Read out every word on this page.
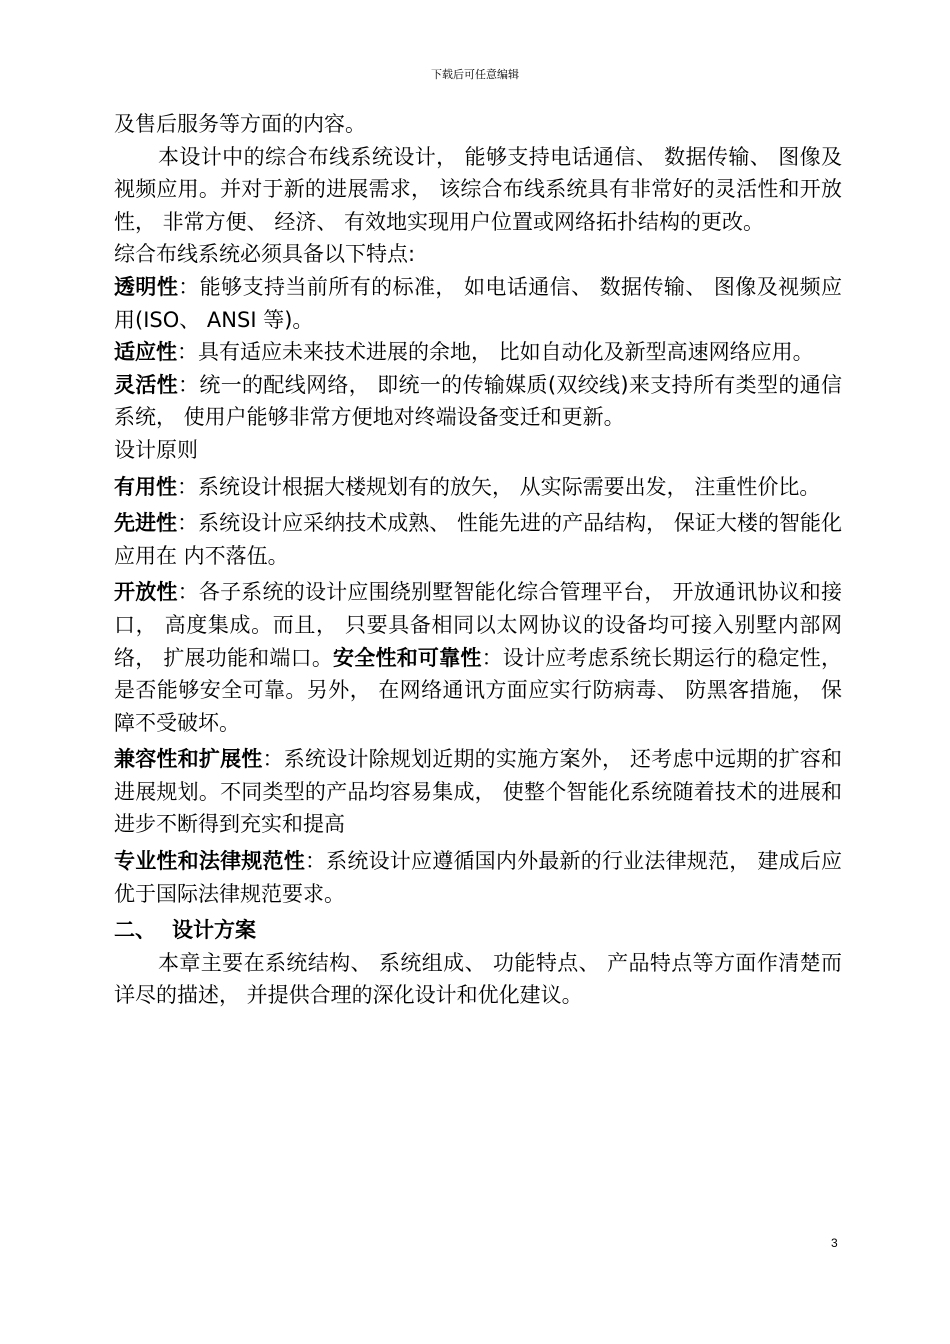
下载后可任意编辑

及售后服务等方面的内容。

本设计中的综合布线系统设计， 能够支持电话通信、 数据传输、 图像及视频应用。并对于新的进展需求， 该综合布线系统具有非常好的灵活性和开放性， 非常方便、 经济、 有效地实现用户位置或网络拓扑结构的更改。

综合布线系统必须具备以下特点:

透明性：能够支持当前所有的标准， 如电话通信、 数据传输、 图像及视频应用(ISO、 ANSI 等)。

适应性：具有适应未来技术进展的余地， 比如自动化及新型高速网络应用。

灵活性：统一的配线网络， 即统一的传输媒质(双绞线)来支持所有类型的通信系统， 使用户能够非常方便地对终端设备变迁和更新。

设计原则

有用性：系统设计根据大楼规划有的放矢， 从实际需要出发， 注重性价比。

先进性：系统设计应采纳技术成熟、 性能先进的产品结构， 保证大楼的智能化应用在 内不落伍。

开放性：各子系统的设计应围绕别墅智能化综合管理平台， 开放通讯协议和接口， 高度集成。而且， 只要具备相同以太网协议的设备均可接入别墅内部网络， 扩展功能和端口。安全性和可靠性：设计应考虑系统长期运行的稳定性， 是否能够安全可靠。另外， 在网络通讯方面应实行防病毒、 防黑客措施， 保障不受破坏。

兼容性和扩展性：系统设计除规划近期的实施方案外， 还考虑中远期的扩容和进展规划。不同类型的产品均容易集成， 使整个智能化系统随着技术的进展和进步不断得到充实和提高

专业性和法律规范性：系统设计应遵循国内外最新的行业法律规范， 建成后应优于国际法律规范要求。

二、 设计方案

本章主要在系统结构、 系统组成、 功能特点、 产品特点等方面作清楚而详尽的描述， 并提供合理的深化设计和优化建议。

3
